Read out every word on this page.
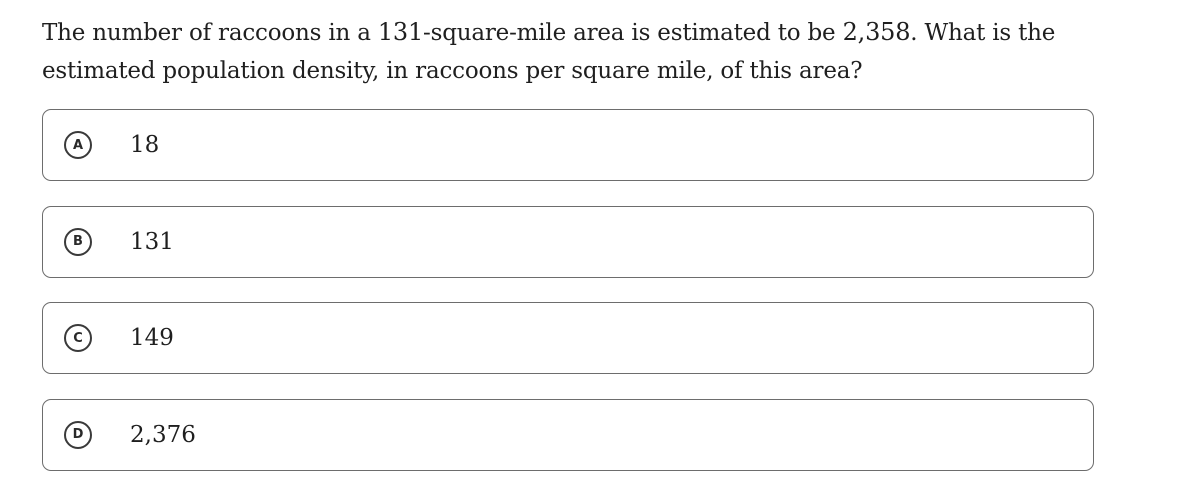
The number of raccoons in a 131-square-mile area is estimated to be 2,358. What is the estimated population density, in raccoons per square mile, of this area?

A	18
B	131
C	149
D	2,376
